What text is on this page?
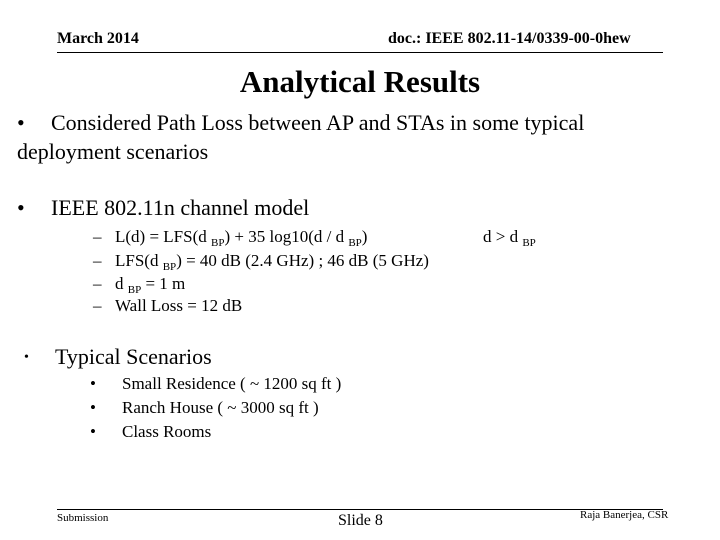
March 2014	doc.: IEEE 802.11-14/0339-00-0hew
Analytical Results
• Considered Path Loss between AP and STAs in some typical
deployment scenarios
• IEEE 802.11n channel model
– L(d) = LFS(d $_{BP}$) + 35 log10(d / d $_{BP}$)	d > d $_{BP}$
– LFS(d $_{BP}$) = 40 dB (2.4 GHz) ; 46 dB (5 GHz)
– d $_{BP}$ = 1 m
– Wall Loss = 12 dB
• Typical Scenarios
• Small Residence ( ~ 1200 sq ft )
• Ranch House ( ~ 3000 sq ft )
• Class Rooms
Submission	Slide 8	Raja Banerjea, CSR
